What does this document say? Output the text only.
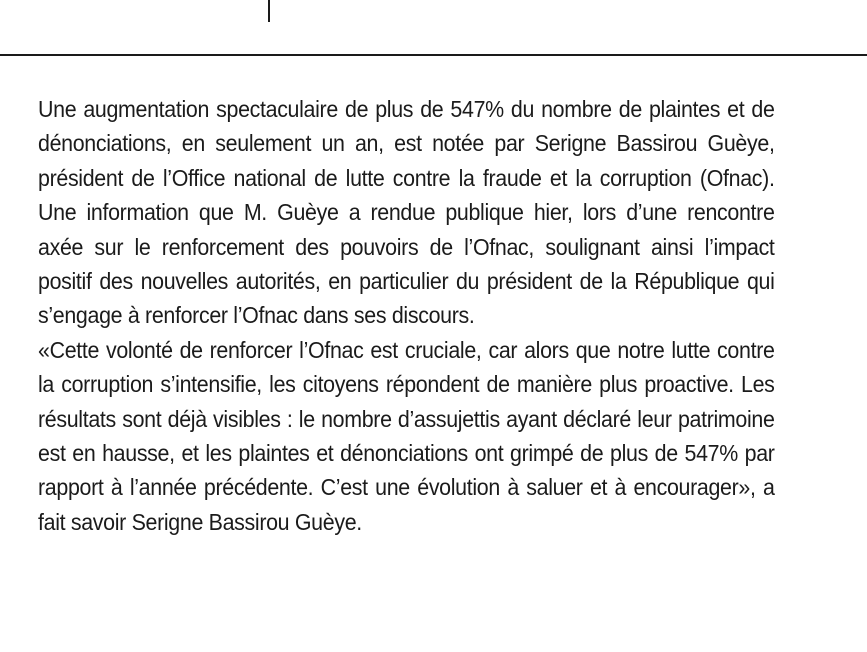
Une augmentation spectaculaire de plus de 547% du nombre de plaintes et de dénonciations, en seulement un an, est notée par Serigne Bassirou Guèye, président de l’Office national de lutte contre la fraude et la corruption (Ofnac). Une information que M. Guèye a rendue publique hier, lors d’une rencontre axée sur le renforcement des pouvoirs de l’Ofnac, soulignant ainsi l’impact positif des nouvelles autorités, en particulier du président de la République qui s’engage à renforcer l’Ofnac dans ses discours.

«Cette volonté de renforcer l’Ofnac est cruciale, car alors que notre lutte contre la corruption s’intensifie, les citoyens répondent de manière plus proactive. Les résultats sont déjà visibles : le nombre d’assujettis ayant déclaré leur patrimoine est en hausse, et les plaintes et dénonciations ont grimpé de plus de 547% par rapport à l’année précédente. C’est une évolution à saluer et à encourager», a fait savoir Serigne Bassirou Guèye.
